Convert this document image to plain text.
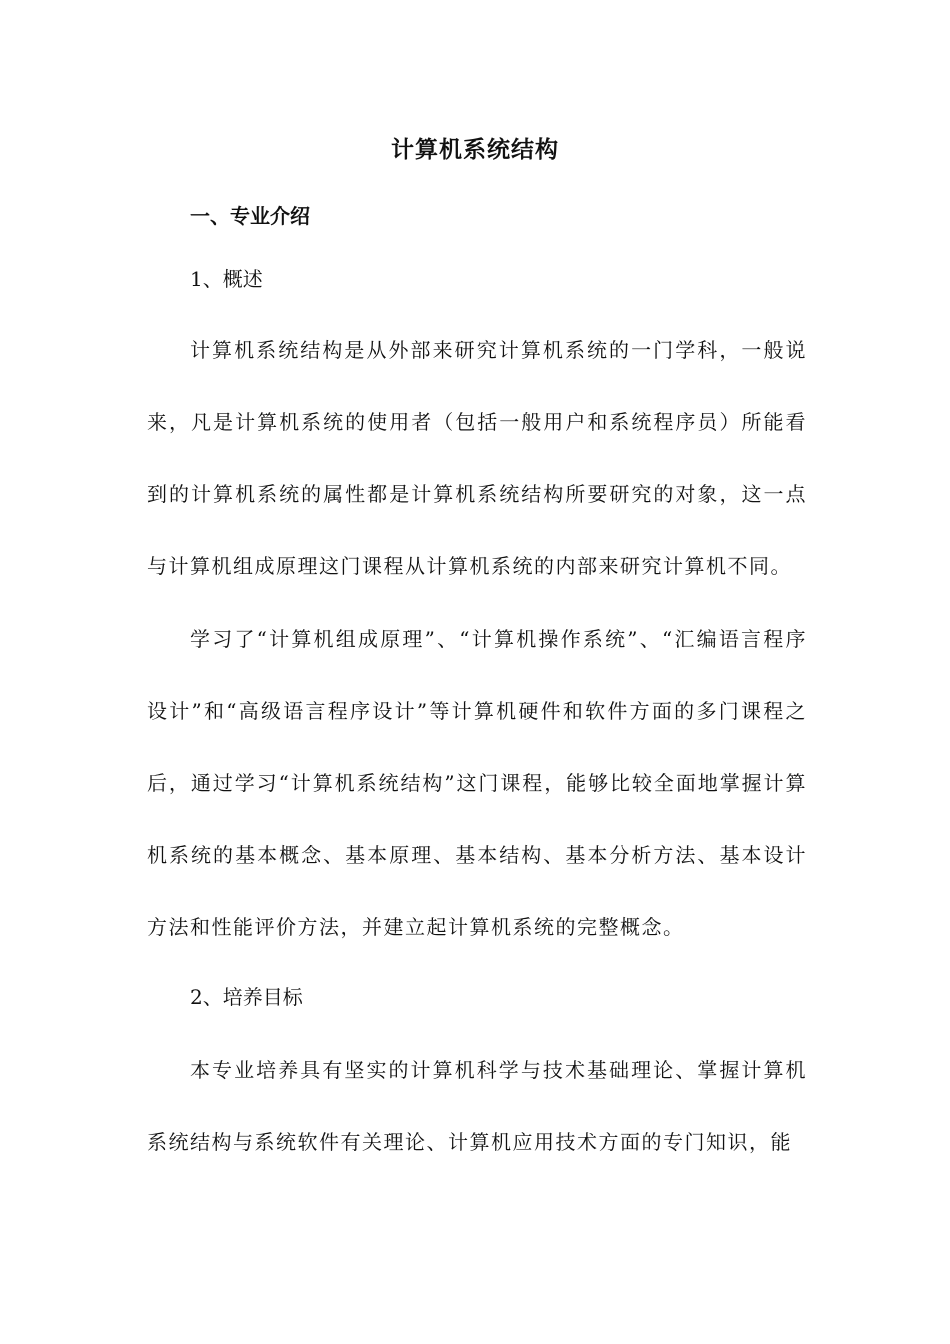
计算机系统结构
一、专业介绍
1、概述

计算机系统结构是从外部来研究计算机系统的一门学科，一般说来，凡是计算机系统的使用者（包括一般用户和系统程序员）所能看到的计算机系统的属性都是计算机系统结构所要研究的对象，这一点与计算机组成原理这门课程从计算机系统的内部来研究计算机不同。

学习了“计算机组成原理”、“计算机操作系统”、“汇编语言程序设计”和“高级语言程序设计”等计算机硬件和软件方面的多门课程之后，通过学习“计算机系统结构”这门课程，能够比较全面地掌握计算机系统的基本概念、基本原理、基本结构、基本分析方法、基本设计方法和性能评价方法，并建立起计算机系统的完整概念。

2、培养目标

本专业培养具有坚实的计算机科学与技术基础理论、掌握计算机系统结构与系统软件有关理论、计算机应用技术方面的专门知识，能
